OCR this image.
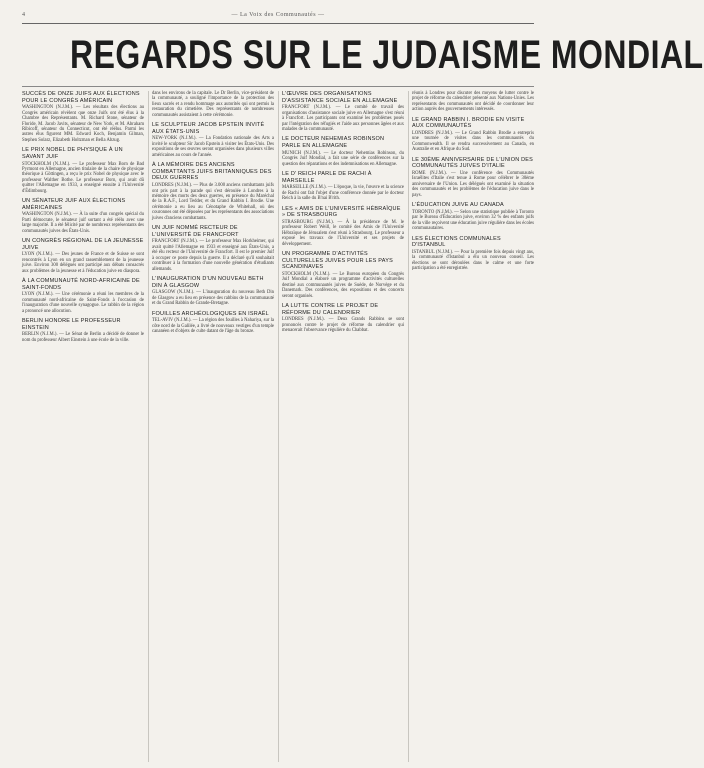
4	— La Voix des Communautés —
REGARDS SUR LE JUDAISME MONDIAL
SUCCÈS DE ONZE JUIFS AUX ÉLECTIONS POUR LE CONGRÈS AMÉRICAIN

WASHINGTON (N.J.M.). — Les résultats des élections au Congrès américain révèlent que onze Juifs ont été élus à la Chambre des Représentants. M. Richard Stone, sénateur de Floride, M. Jacob Javits, sénateur de New York, et M. Abraham Ribicoff, sénateur du Connecticut, ont été réélus. Parmi les autres élus figurent MM. Edward Koch, Benjamin Gilman, Stephen Solarz, Elizabeth Holtzman et Bella Abzug.

LE PRIX NOBEL DE PHYSIQUE À UN SAVANT JUIF

STOCKHOLM (N.J.M.). — Le professeur Max Born de Bad Pyrmont en Allemagne, ancien titulaire de la chaire de physique théorique à Göttingen, a reçu le prix Nobel de physique avec le professeur Walther Bothe. Le professeur Born, qui avait dû quitter l'Allemagne en 1933, a enseigné ensuite à l'Université d'Édimbourg.

UN SÉNATEUR JUIF AUX ÉLECTIONS AMÉRICAINES

WASHINGTON (N.J.M.). — À la suite d'un congrès spécial du Parti démocrate, le sénateur juif sortant a été réélu avec une large majorité. Il a été félicité par de nombreux représentants des communautés juives des États-Unis.

UN CONGRÈS RÉGIONAL DE LA JEUNESSE JUIVE

LYON (N.J.M.). — Des jeunes de France et de Suisse se sont rencontrés à Lyon en un grand rassemblement de la jeunesse juive. Environ 300 délégués ont participé aux débats consacrés aux problèmes de la jeunesse et à l'éducation juive en diaspora.

À LA COMMUNAUTÉ NORD-AFRICAINE DE SAINT-FONDS

LYON (N.J.M.). — Une cérémonie a réuni les membres de la communauté nord-africaine de Saint-Fonds à l'occasion de l'inauguration d'une nouvelle synagogue. Le rabbin de la région a prononcé une allocution.

BERLIN HONORE LE PROFESSEUR EINSTEIN

BERLIN (N.J.M.). — Le Sénat de Berlin a décidé de donner le nom du professeur Albert Einstein à une école de la ville.

dans les environs de la capitale. Le Dr Berlin, vice-président de la communauté, a souligné l'importance de la protection des lieux sacrés et a rendu hommage aux autorités qui ont permis la restauration du cimetière. Des représentants de nombreuses communautés assistaient à cette cérémonie.

LE SCULPTEUR JACOB EPSTEIN INVITÉ AUX ÉTATS-UNIS

NEW-YORK (N.J.M.). — La Fondation nationale des Arts a invité le sculpteur Sir Jacob Epstein à visiter les États-Unis. Des expositions de ses œuvres seront organisées dans plusieurs villes américaines au cours de l'année.

À LA MÉMOIRE DES ANCIENS COMBATTANTS JUIFS BRITANNIQUES DES DEUX GUERRES

LONDRES (N.J.M.). — Plus de 3.000 anciens combattants juifs ont pris part à la parade qui s'est déroulée à Londres à la mémoire des morts des deux guerres, en présence du Maréchal de la R.A.F., Lord Tedder, et du Grand Rabbin I. Brodie. Une cérémonie a eu lieu au Cénotaphe de Whitehall, où des couronnes ont été déposées par les représentants des associations juives d'anciens combattants.

UN JUIF NOMMÉ RECTEUR DE L'UNIVERSITÉ DE FRANCFORT

FRANCFORT (N.J.M.). — Le professeur Max Horkheimer, qui avait quitté l'Allemagne en 1933 et enseigné aux États-Unis, a été élu recteur de l'Université de Francfort. Il est le premier Juif à occuper ce poste depuis la guerre. Il a déclaré qu'il souhaitait contribuer à la formation d'une nouvelle génération d'étudiants allemands.

L'INAUGURATION D'UN NOUVEAU BETH DIN À GLASGOW

GLASGOW (N.J.M.). — L'inauguration du nouveau Beth Din de Glasgow a eu lieu en présence des rabbins de la communauté et du Grand Rabbin de Grande-Bretagne.

FOUILLES ARCHÉOLOGIQUES EN ISRAËL

TEL-AVIV (N.J.M.). — La région des fouilles à Nahariya, sur la côte nord de la Galilée, a livré de nouveaux vestiges d'un temple cananéen et d'objets de culte datant de l'âge du bronze.

L'ŒUVRE DES ORGANISATIONS D'ASSISTANCE SOCIALE EN ALLEMAGNE

FRANCFORT (N.J.M.). — Le comité de travail des organisations d'assistance sociale juive en Allemagne s'est réuni à Francfort. Les participants ont examiné les problèmes posés par l'intégration des réfugiés et l'aide aux personnes âgées et aux malades de la communauté.

LE DOCTEUR NEHEMIAS ROBINSON PARLE EN ALLEMAGNE

MUNICH (N.J.M.). — Le docteur Nehemias Robinson, du Congrès Juif Mondial, a fait une série de conférences sur la question des réparations et des indemnisations en Allemagne.

LE D' REICH PARLE DE RACHI À MARSEILLE

MARSEILLE (N.J.M.). — L'époque, la vie, l'œuvre et la science de Rachi ont fait l'objet d'une conférence donnée par le docteur Reich à la salle du B'nai B'rith.

LES « AMIS DE L'UNIVERSITÉ HÉBRAÏQUE » DE STRASBOURG

STRASBOURG (N.J.M.). — À la présidence de M. le professeur Robert Weill, le comité des Amis de l'Université Hébraïque de Jérusalem s'est réuni à Strasbourg. Le professeur a exposé les travaux de l'Université et ses projets de développement.

UN PROGRAMME D'ACTIVITÉS CULTURELLES JUIVES POUR LES PAYS SCANDINAVES

STOCKHOLM (N.J.M.). — Le Bureau européen du Congrès Juif Mondial a élaboré un programme d'activités culturelles destiné aux communautés juives de Suède, de Norvège et du Danemark. Des conférences, des expositions et des concerts seront organisés.

LA LUTTE CONTRE LE PROJET DE RÉFORME DU CALENDRIER

LONDRES (N.J.M.). — Deux Grands Rabbins se sont prononcés contre le projet de réforme du calendrier qui menacerait l'observance régulière du Chabbat.

réunis à Londres pour discuter des moyens de lutter contre le projet de réforme du calendrier présenté aux Nations-Unies. Les représentants des communautés ont décidé de coordonner leur action auprès des gouvernements intéressés.

LE GRAND RABBIN I. BRODIE EN VISITE AUX COMMUNAUTÉS

LONDRES (N.J.M.). — Le Grand Rabbin Brodie a entrepris une tournée de visites dans les communautés du Commonwealth. Il se rendra successivement au Canada, en Australie et en Afrique du Sud.

LE 30ÈME ANNIVERSAIRE DE L'UNION DES COMMUNAUTÉS JUIVES D'ITALIE

ROME (N.J.M.). — Une conférence des Communautés Israélites d'Italie s'est tenue à Rome pour célébrer le 30ème anniversaire de l'Union. Les délégués ont examiné la situation des communautés et les problèmes de l'éducation juive dans le pays.

L'ÉDUCATION JUIVE AU CANADA

TORONTO (N.J.M.). — Selon une statistique publiée à Toronto par le Bureau d'Éducation juive, environ 32 % des enfants juifs de la ville reçoivent une éducation juive régulière dans les écoles communautaires.

LES ÉLECTIONS COMMUNALES D'ISTANBUL

ISTANBUL (N.J.M.). — Pour la première fois depuis vingt ans, la communauté d'Istanbul a élu un nouveau conseil. Les élections se sont déroulées dans le calme et une forte participation a été enregistrée.
